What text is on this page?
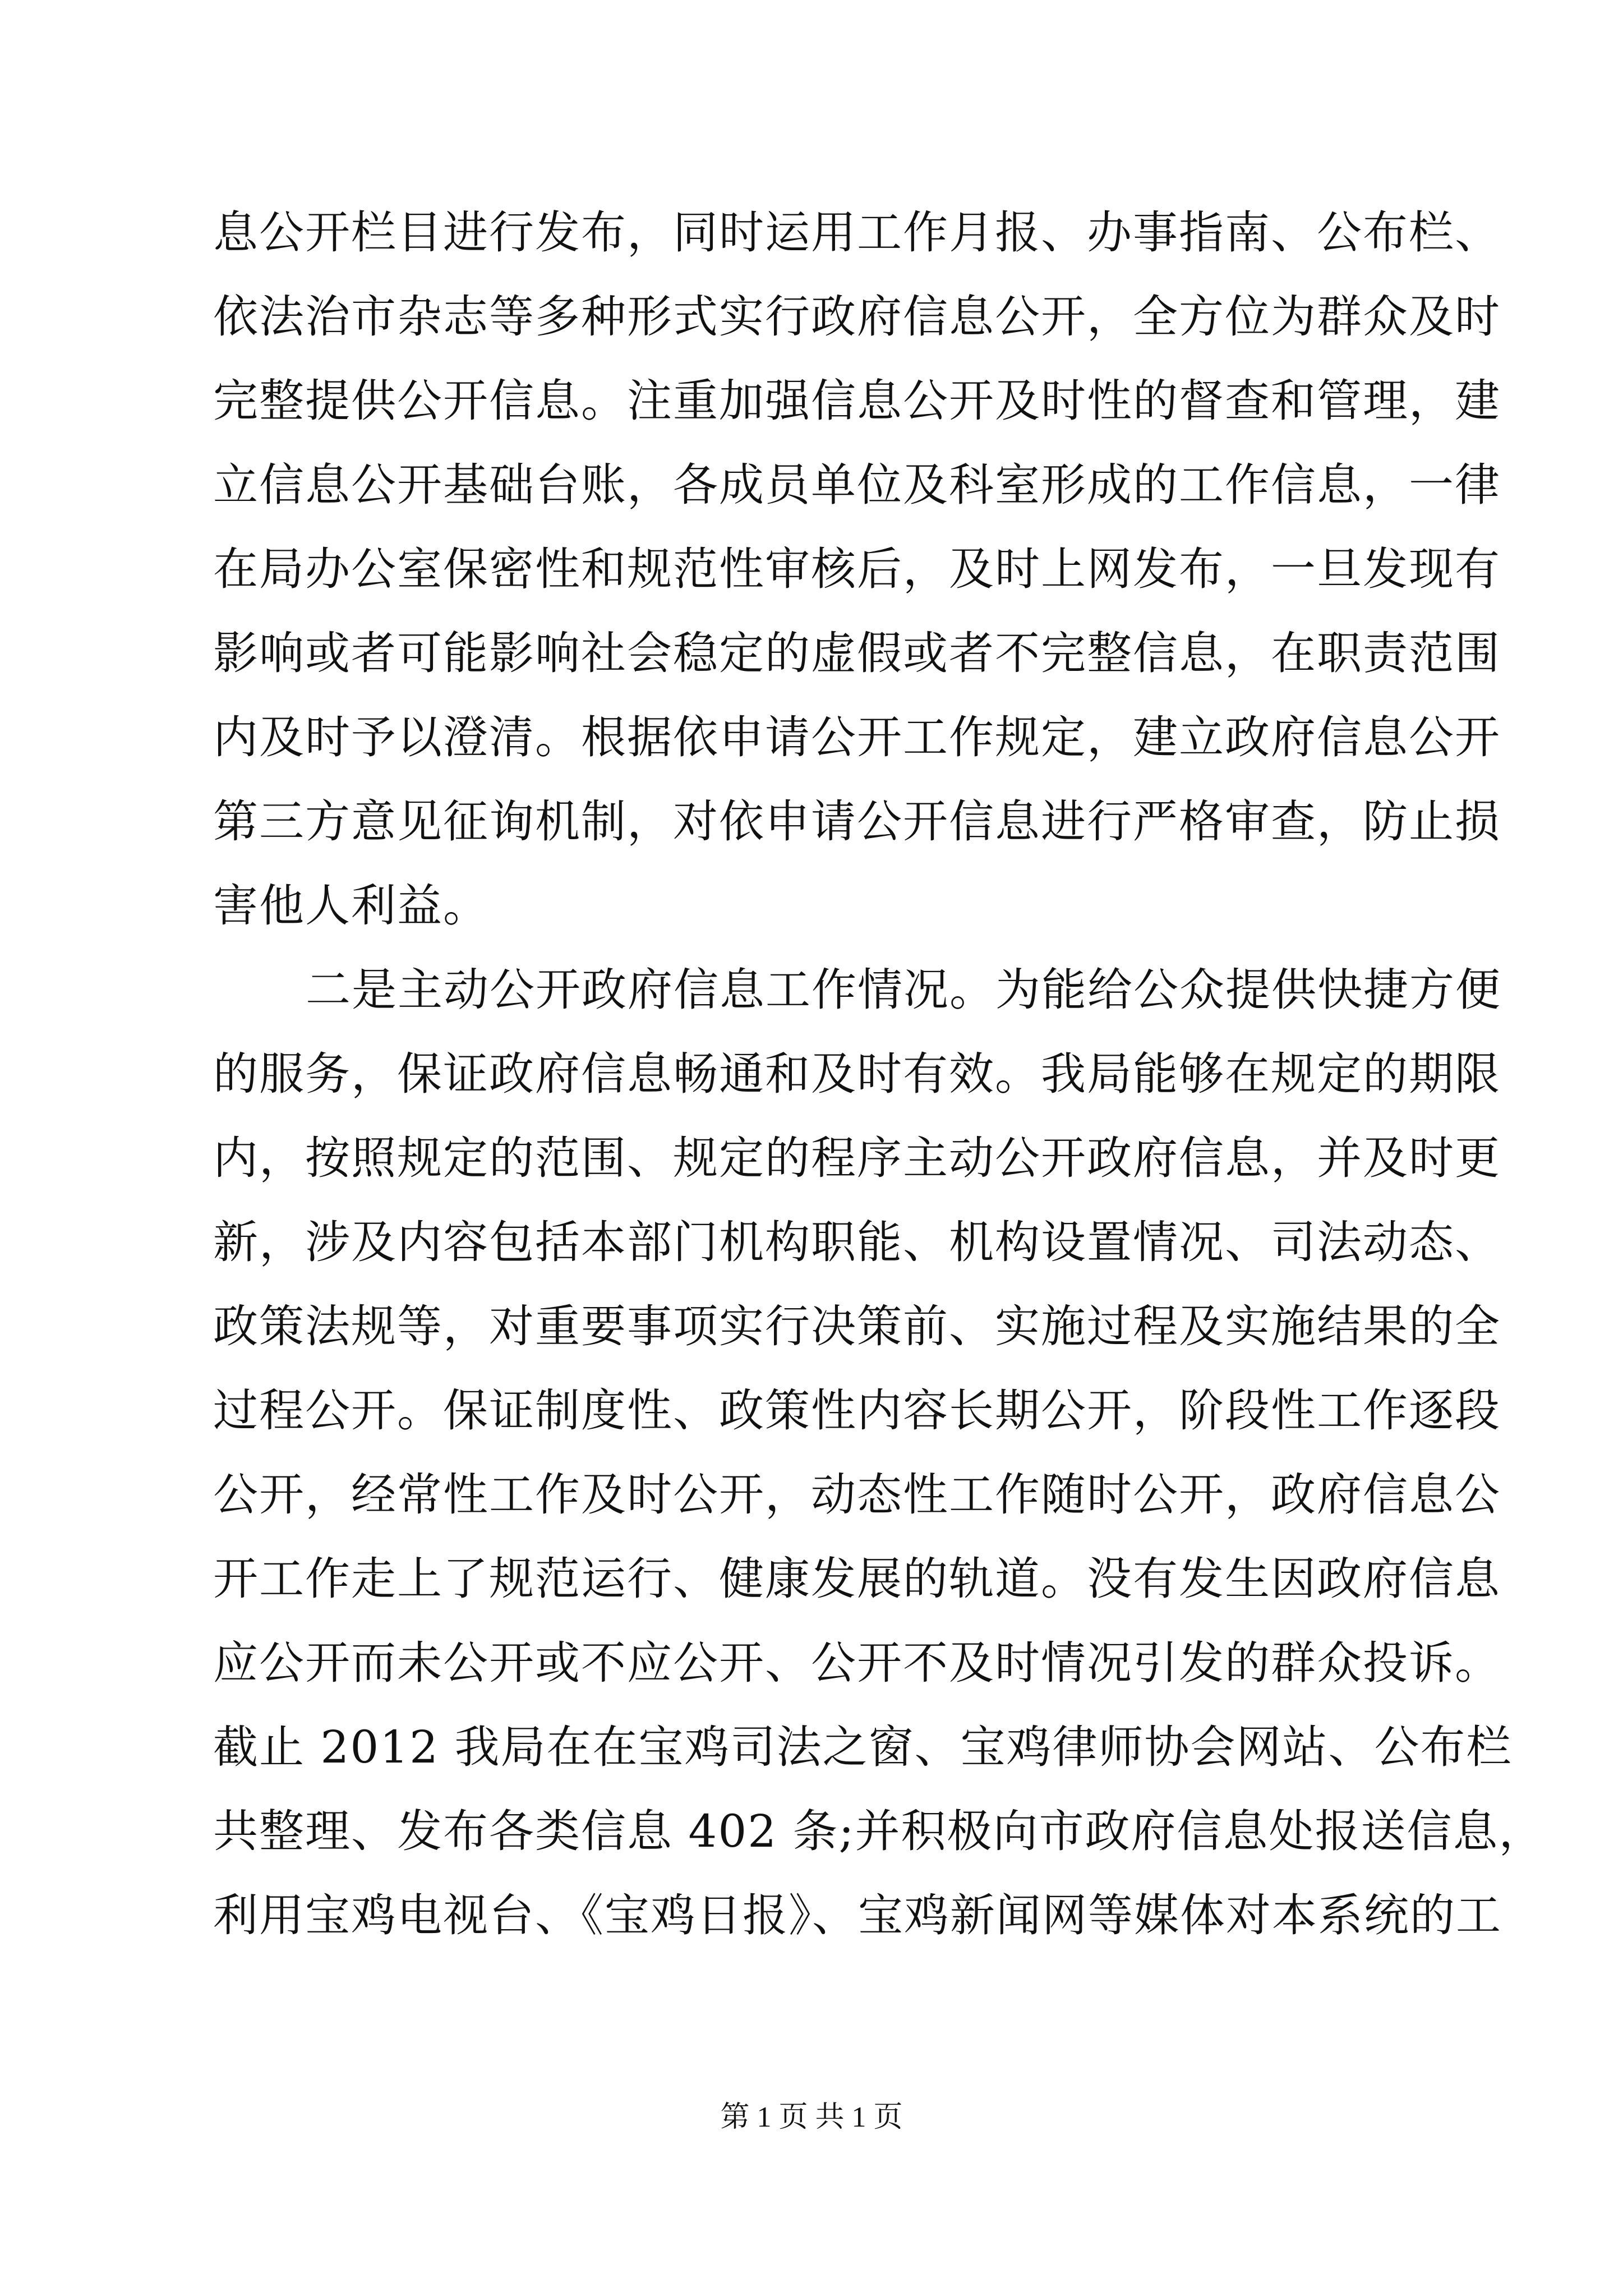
息公开栏目进行发布，同时运用工作月报、办事指南、公布栏、
依法治市杂志等多种形式实行政府信息公开，全方位为群众及时
完整提供公开信息。注重加强信息公开及时性的督查和管理，建
立信息公开基础台账，各成员单位及科室形成的工作信息，一律
在局办公室保密性和规范性审核后，及时上网发布，一旦发现有
影响或者可能影响社会稳定的虚假或者不完整信息，在职责范围
内及时予以澄清。根据依申请公开工作规定，建立政府信息公开
第三方意见征询机制，对依申请公开信息进行严格审查，防止损
害他人利益。
二是主动公开政府信息工作情况。为能给公众提供快捷方便
的服务，保证政府信息畅通和及时有效。我局能够在规定的期限
内，按照规定的范围、规定的程序主动公开政府信息，并及时更
新，涉及内容包括本部门机构职能、机构设置情况、司法动态、
政策法规等，对重要事项实行决策前、实施过程及实施结果的全
过程公开。保证制度性、政策性内容长期公开，阶段性工作逐段
公开，经常性工作及时公开，动态性工作随时公开，政府信息公
开工作走上了规范运行、健康发展的轨道。没有发生因政府信息
应公开而未公开或不应公开、公开不及时情况引发的群众投诉。
截止 2012 我局在在宝鸡司法之窗、宝鸡律师协会网站、公布栏
共整理、发布各类信息 402 条;并积极向市政府信息处报送信息，
利用宝鸡电视台、《宝鸡日报》、宝鸡新闻网等媒体对本系统的工
第 1 页 共 1 页
